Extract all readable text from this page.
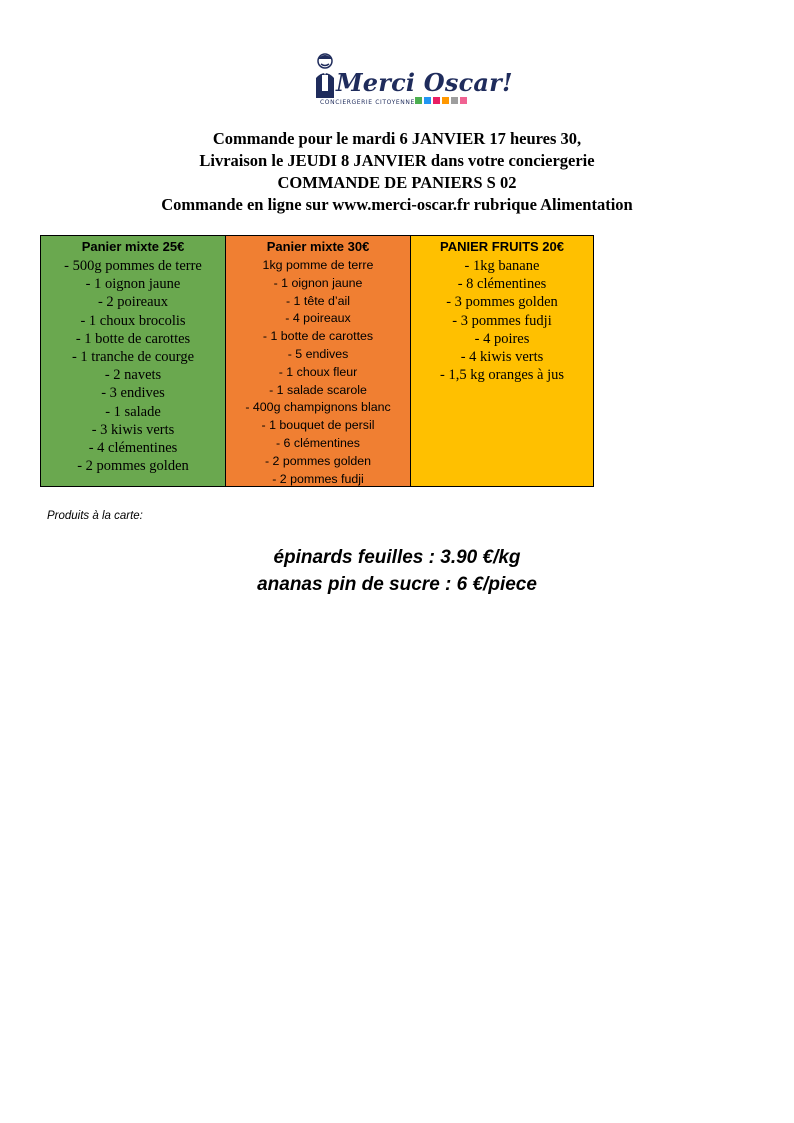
Merci Oscar!
CONCIERGERIE CITOYENNE
Commande pour le mardi 6 JANVIER 17 heures 30,
Livraison le JEUDI 8 JANVIER dans votre conciergerie
COMMANDE DE PANIERS S 02
Commande en ligne sur www.merci-oscar.fr rubrique Alimentation
Panier mixte 25€
- 500g pommes de terre
- 1 oignon jaune
- 2 poireaux
- 1 choux brocolis
- 1 botte de carottes
- 1 tranche de courge
- 2 navets
- 3 endives
- 1 salade
- 3 kiwis verts
- 4 clémentines
- 2 pommes golden
Panier mixte 30€
1kg pomme de terre
- 1 oignon jaune
- 1 tête d’ail
- 4 poireaux
- 1 botte de carottes
- 5 endives
- 1 choux fleur
- 1 salade scarole
- 400g champignons blanc
- 1 bouquet de persil
- 6 clémentines
- 2 pommes golden
- 2 pommes fudji
PANIER FRUITS 20€
- 1kg banane
- 8 clémentines
- 3 pommes golden
- 3 pommes fudji
- 4 poires
- 4 kiwis verts
- 1,5 kg oranges à jus
Produits à la carte:
épinards feuilles : 3.90 €/kg
ananas pin de sucre : 6 €/piece
